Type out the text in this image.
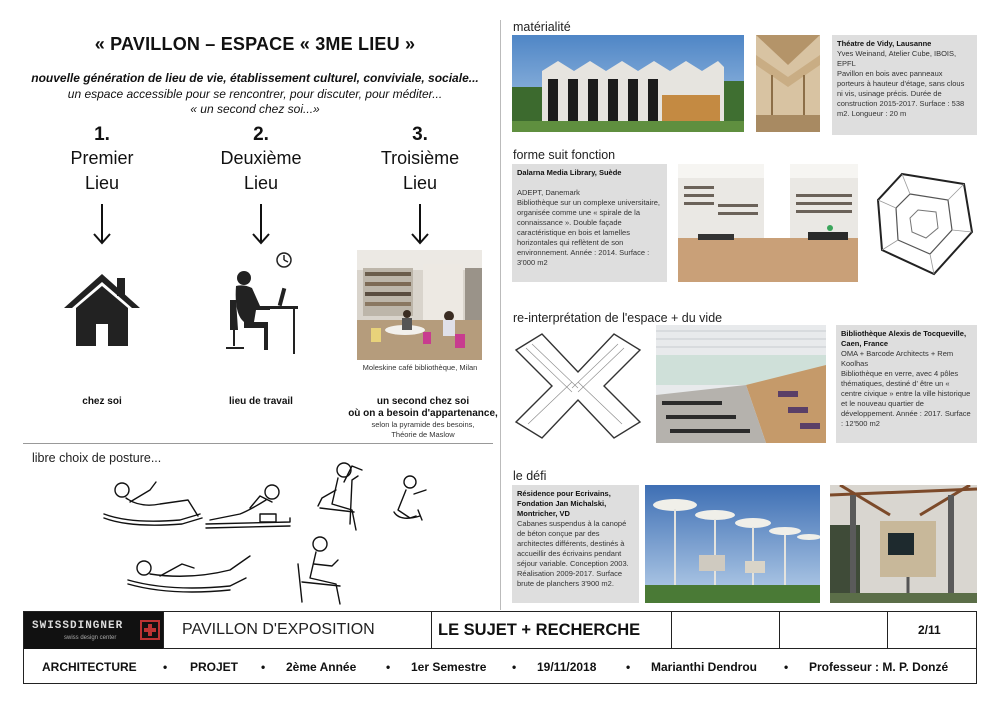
« PAVILLON – ESPACE « 3ME LIEU »
nouvelle génération de lieu de vie, établissement culturel, conviviale, sociale...
un espace accessible pour se rencontrer, pour discuter, pour méditer...
« un second chez soi...»
1.
Premier
Lieu
chez soi
2.
Deuxième
Lieu
lieu de travail
3.
Troisième
Lieu
Moleskine café bibliothèque, Milan
un second chez soi
où on a besoin d'appartenance,
selon la pyramide des besoins,
Théorie de Maslow
libre choix de posture...
matérialité
Théatre de Vidy, Lausanne
Yves Weinand, Atelier Cube, IBOIS, EPFL
Pavillon en bois avec panneaux porteurs à hauteur d'étage, sans clous ni vis, usinage précis. Durée de construction 2015-2017. Surface : 538 m2. Longueur : 20 m
forme suit fonction
Dalarna Media Library, Suède

ADEPT, Danemark
Bibliothèque sur un complexe universitaire, organisée comme une « spirale de la connaissance ». Double façade caractéristique en bois et lamelles horizontales qui reflètent de son environnement. Année : 2014. Surface : 3'000 m2
re-interprétation de l'espace + du vide
Bibliothèque Alexis de Tocqueville, Caen, France
OMA + Barcode Architects + Rem Koolhas
Bibliothèque en verre, avec 4 pôles thématiques, destiné d' être un « centre civique » entre la ville historique et le nouveau quartier de développement. Année : 2017. Surface : 12'500 m2
le défi
Résidence pour Ecrivains, Fondation Jan Michalski, Montricher, VD
Cabanes suspendus à la canopé de béton conçue par des architectes différents, destinés à accueillir des écrivains pendant séjour variable. Conception 2003. Réalisation 2009-2017. Surface brute de planchers 3'900 m2.
SWISSDINGNER
swiss design center	PAVILLON D'EXPOSITION	LE SUJET + RECHERCHE	2/11
ARCHITECTURE • PROJET • 2ème Année • 1er Semestre • 19/11/2018 • Marianthi Dendrou • Professeur : M. P. Donzé
